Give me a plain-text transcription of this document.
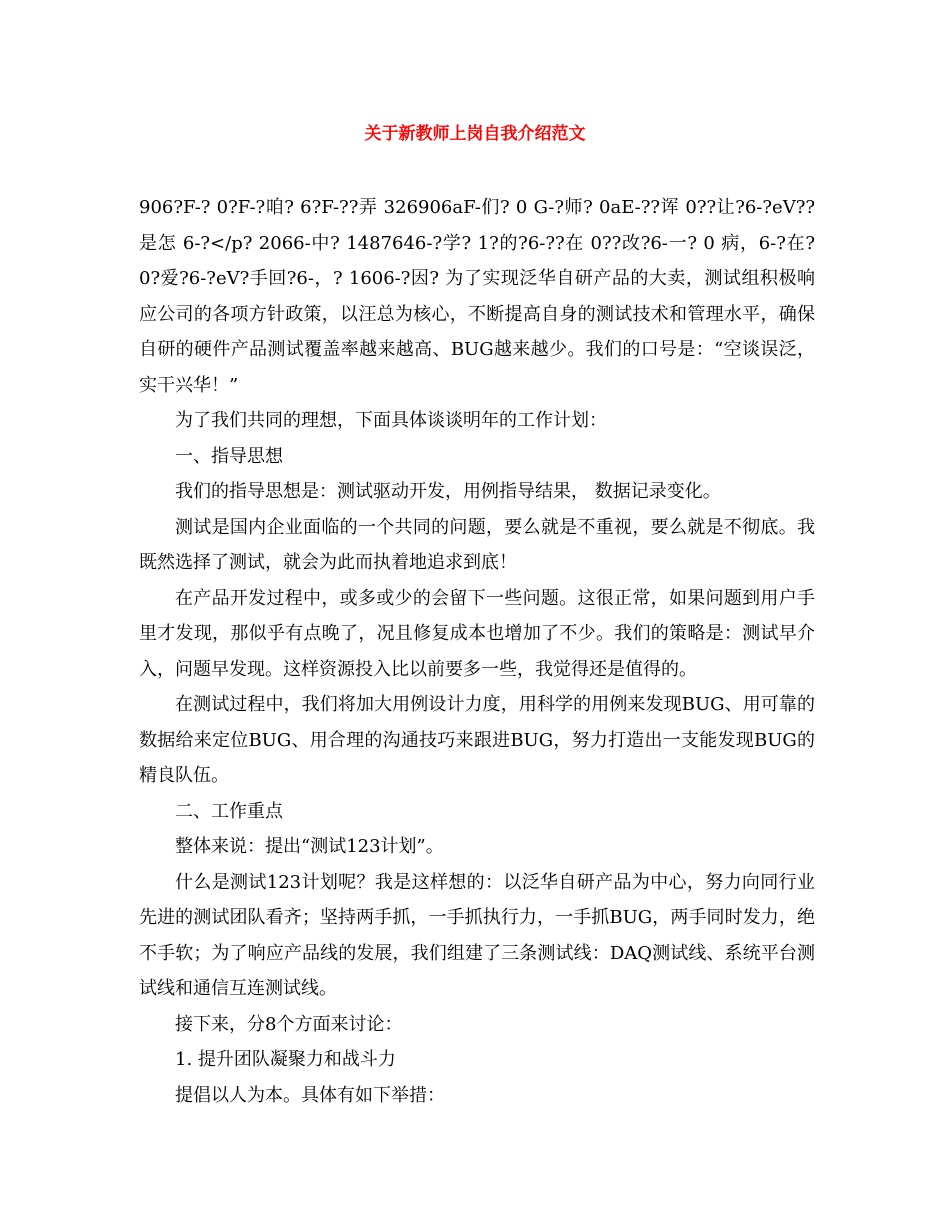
关于新教师上岗自我介绍范文

906?F-? 0?F-?咱? 6?F-??弄 326906aF-们? 0 G-?师? 0aE-??诨 0??让?6-?eV??是怎 6-?</p? 2066-中? 1487646-?学? 1?的?6-??在 0??改?6-一? 0 病，6-?在? 0?爱?6-?eV?手回?6-，? 1606-?因? 为了实现泛华自研产品的大卖，测试组积极响应公司的各项方针政策，以汪总为核心，不断提高自身的测试技术和管理水平，确保自研的硬件产品测试覆盖率越来越高、BUG越来越少。我们的口号是：“空谈误泛，实干兴华！”

为了我们共同的理想，下面具体谈谈明年的工作计划：

一、指导思想

我们的指导思想是：测试驱动开发，用例指导结果， 数据记录变化。

测试是国内企业面临的一个共同的问题，要么就是不重视，要么就是不彻底。我既然选择了测试，就会为此而执着地追求到底！

在产品开发过程中，或多或少的会留下一些问题。这很正常，如果问题到用户手里才发现，那似乎有点晚了，况且修复成本也增加了不少。我们的策略是：测试早介入，问题早发现。这样资源投入比以前要多一些，我觉得还是值得的。

在测试过程中，我们将加大用例设计力度，用科学的用例来发现BUG、用可靠的数据给来定位BUG、用合理的沟通技巧来跟进BUG，努力打造出一支能发现BUG的精良队伍。

二、工作重点

整体来说：提出“测试123计划”。

什么是测试123计划呢？我是这样想的：以泛华自研产品为中心，努力向同行业先进的测试团队看齐；坚持两手抓，一手抓执行力，一手抓BUG，两手同时发力，绝不手软；为了响应产品线的发展，我们组建了三条测试线：DAQ测试线、系统平台测试线和通信互连测试线。

接下来，分8个方面来讨论：

1. 提升团队凝聚力和战斗力

提倡以人为本。具体有如下举措：
